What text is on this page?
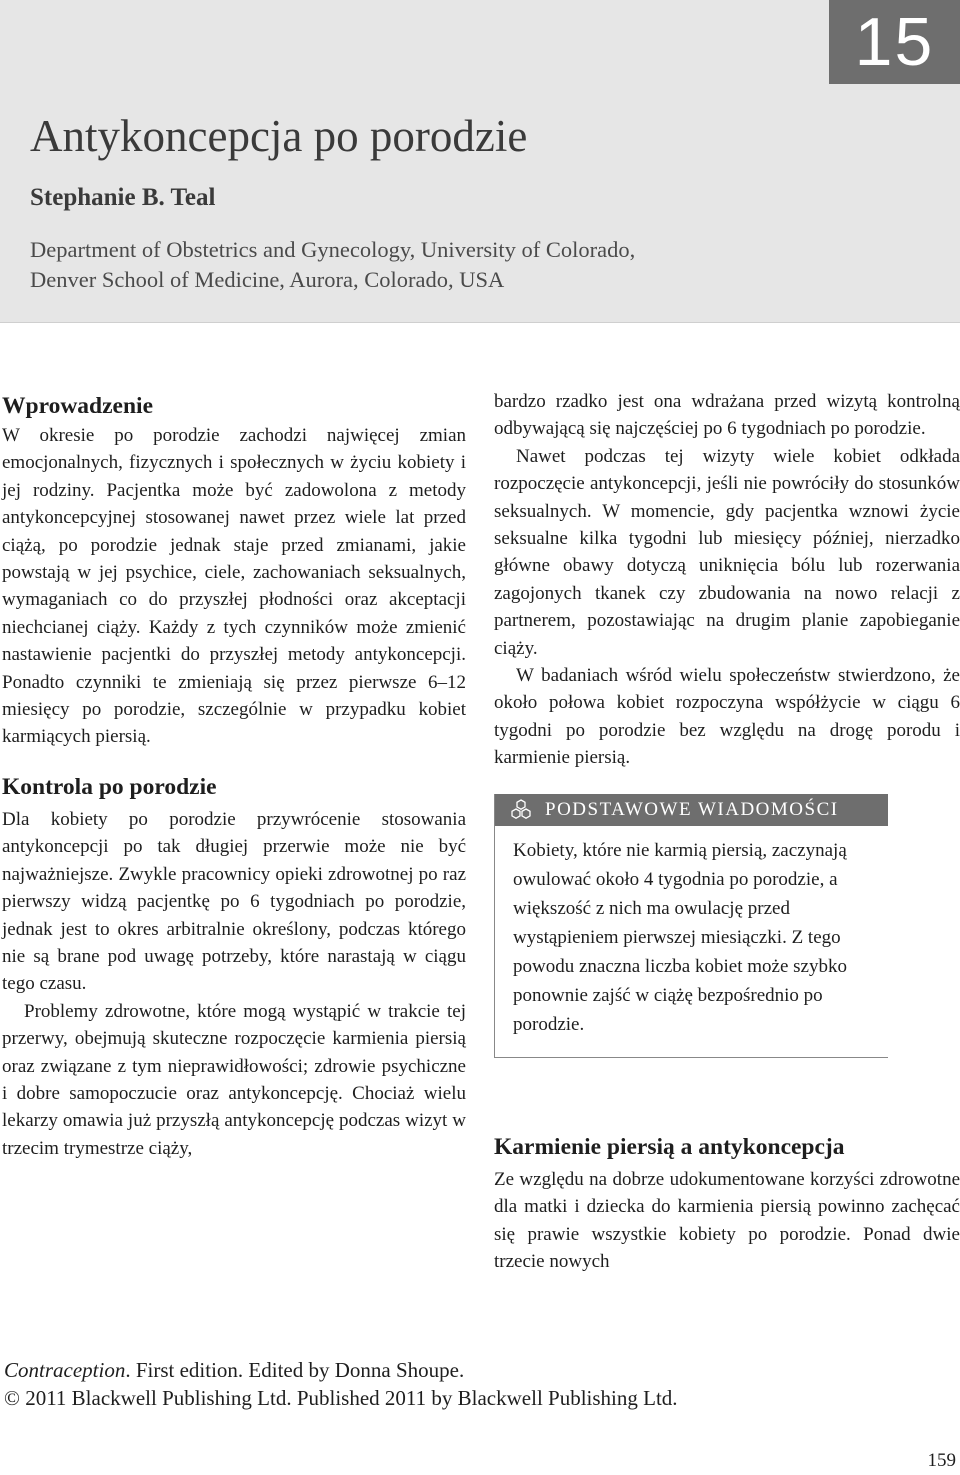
15
Antykoncepcja po porodzie
Stephanie B. Teal
Department of Obstetrics and Gynecology, University of Colorado,
Denver School of Medicine, Aurora, Colorado, USA
Wprowadzenie

W okresie po porodzie zachodzi najwięcej zmian emocjonalnych, fizycznych i społecznych w życiu kobiety i jej rodziny. Pacjentka może być zadowolona z metody antykoncepcyjnej stosowanej nawet przez wiele lat przed ciążą, po porodzie jednak staje przed zmianami, jakie powstają w jej psychice, ciele, zachowaniach seksualnych, wymaganiach co do przyszłej płodności oraz akceptacji niechcianej ciąży. Każdy z tych czynników może zmienić nastawienie pacjentki do przyszłej metody antykoncepcji. Ponadto czynniki te zmieniają się przez pierwsze 6–12 miesięcy po porodzie, szczególnie w przypadku kobiet karmiących piersią.

Kontrola po porodzie

Dla kobiety po porodzie przywrócenie stosowania antykoncepcji po tak długiej przerwie może nie być najważniejsze. Zwykle pracownicy opieki zdrowotnej po raz pierwszy widzą pacjentkę po 6 tygodniach po porodzie, jednak jest to okres arbitralnie określony, podczas którego nie są brane pod uwagę potrzeby, które narastają w ciągu tego czasu.

Problemy zdrowotne, które mogą wystąpić w trakcie tej przerwy, obejmują skuteczne rozpoczęcie karmienia piersią oraz związane z tym nieprawidłowości; zdrowie psychiczne i dobre samopoczucie oraz antykoncepcję. Chociaż wielu lekarzy omawia już przyszłą antykoncepcję podczas wizyt w trzecim trymestrze ciąży,

bardzo rzadko jest ona wdrażana przed wizytą kontrolną odbywającą się najczęściej po 6 tygodniach po porodzie.

Nawet podczas tej wizyty wiele kobiet odkłada rozpoczęcie antykoncepcji, jeśli nie powróciły do stosunków seksualnych. W momencie, gdy pacjentka wznowi życie seksualne kilka tygodni lub miesięcy później, nierzadko główne obawy dotyczą uniknięcia bólu lub rozerwania zagojonych tkanek czy zbudowania na nowo relacji z partnerem, pozostawiając na drugim planie zapobieganie ciąży.

W badaniach wśród wielu społeczeństw stwierdzono, że około połowa kobiet rozpoczyna współżycie w ciągu 6 tygodni po porodzie bez względu na drogę porodu i karmienie piersią.

PODSTAWOWE WIADOMOŚCI
Kobiety, które nie karmią piersią, zaczynają owulować około 4 tygodnia po porodzie, a większość z nich ma owulację przed wystąpieniem pierwszej miesiączki. Z tego powodu znaczna liczba kobiet może szybko ponownie zajść w ciążę bezpośrednio po porodzie.
Karmienie piersią a antykoncepcja

Ze względu na dobrze udokumentowane korzyści zdrowotne dla matki i dziecka do karmienia piersią powinno zachęcać się prawie wszystkie kobiety po porodzie. Ponad dwie trzecie nowych

Contraception. First edition. Edited by Donna Shoupe.
© 2011 Blackwell Publishing Ltd. Published 2011 by Blackwell Publishing Ltd.
159
